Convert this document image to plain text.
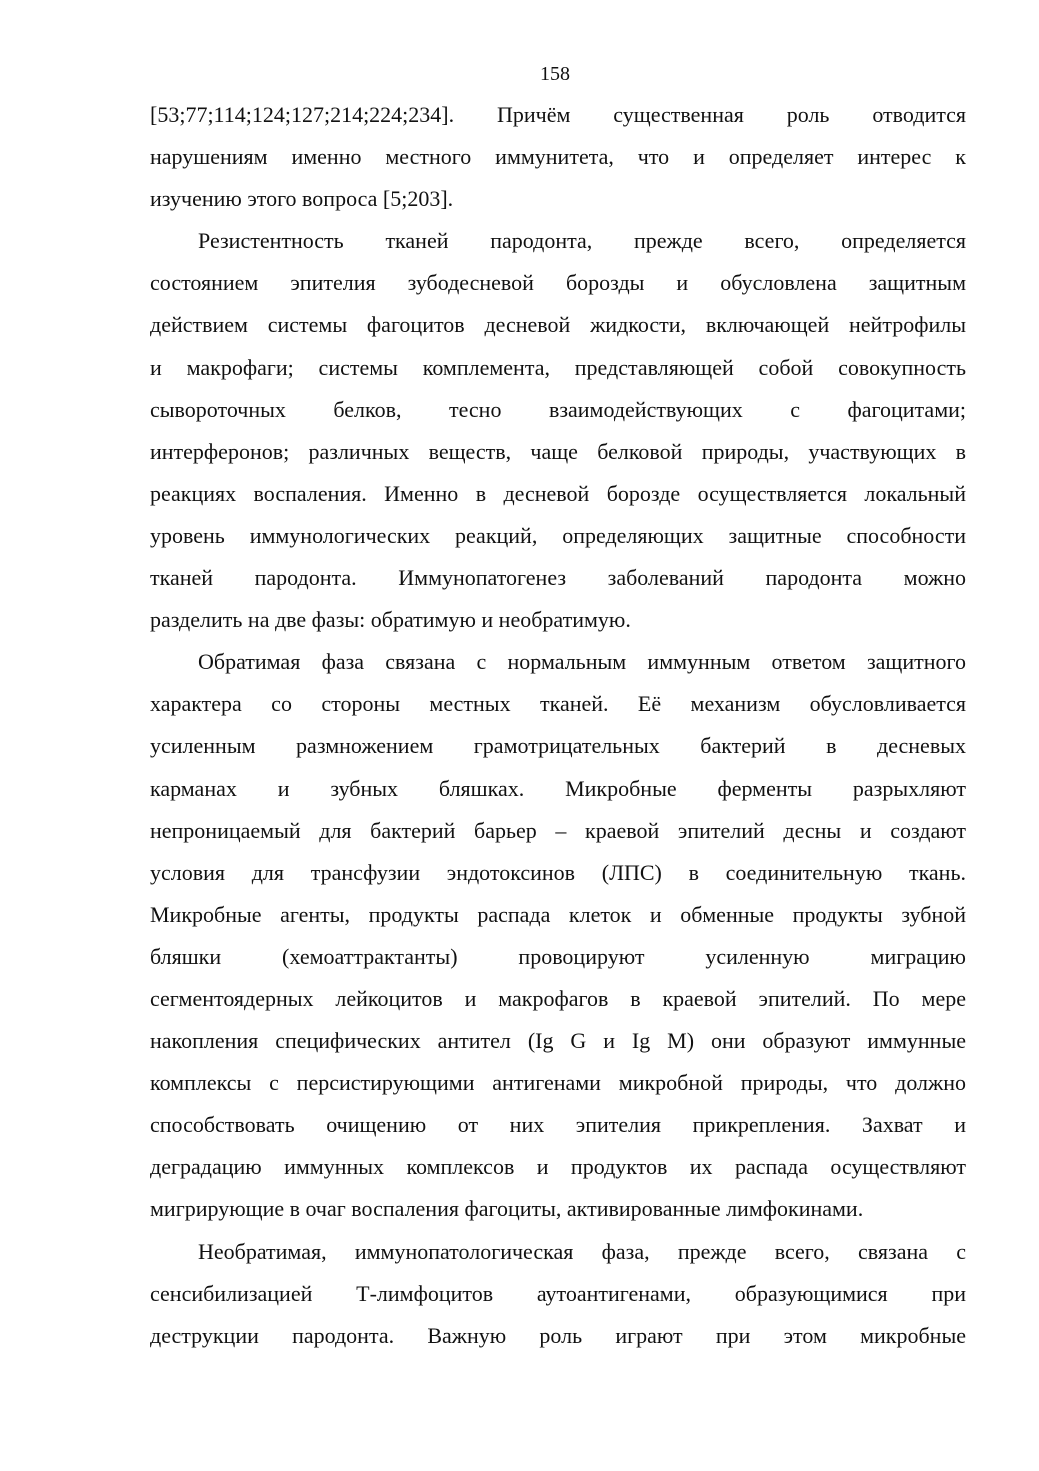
158

[53;77;114;124;127;214;224;234]. Причём существенная роль отводится
нарушениям именно местного иммунитета, что и определяет интерес к
изучению этого вопроса [5;203].

Резистентность тканей пародонта, прежде всего, определяется
состоянием эпителия зубодесневой борозды и обусловлена защитным
действием системы фагоцитов десневой жидкости, включающей нейтрофилы
и макрофаги; системы комплемента, представляющей собой совокупность
сывороточных белков, тесно взаимодействующих с фагоцитами;
интерферонов; различных веществ, чаще белковой природы, участвующих в
реакциях воспаления. Именно в десневой борозде осуществляется локальный
уровень иммунологических реакций, определяющих защитные способности
тканей пародонта. Иммунопатогенез заболеваний пародонта можно
разделить на две фазы: обратимую и необратимую.

Обратимая фаза связана с нормальным иммунным ответом защитного
характера со стороны местных тканей. Её механизм обусловливается
усиленным размножением грамотрицательных бактерий в десневых
карманах и зубных бляшках. Микробные ферменты разрыхляют
непроницаемый для бактерий барьер – краевой эпителий десны и создают
условия для трансфузии эндотоксинов (ЛПС) в соединительную ткань.
Микробные агенты, продукты распада клеток и обменные продукты зубной
бляшки (хемоаттрактанты) провоцируют усиленную миграцию
сегментоядерных лейкоцитов и макрофагов в краевой эпителий. По мере
накопления специфических антител (Ig G и Ig M) они образуют иммунные
комплексы с персистирующими антигенами микробной природы, что должно
способствовать очищению от них эпителия прикрепления. Захват и
деградацию иммунных комплексов и продуктов их распада осуществляют
мигрирующие в очаг воспаления фагоциты, активированные лимфокинами.

Необратимая, иммунопатологическая фаза, прежде всего, связана с
сенсибилизацией Т-лимфоцитов аутоантигенами, образующимися при
деструкции пародонта. Важную роль играют при этом микробные
